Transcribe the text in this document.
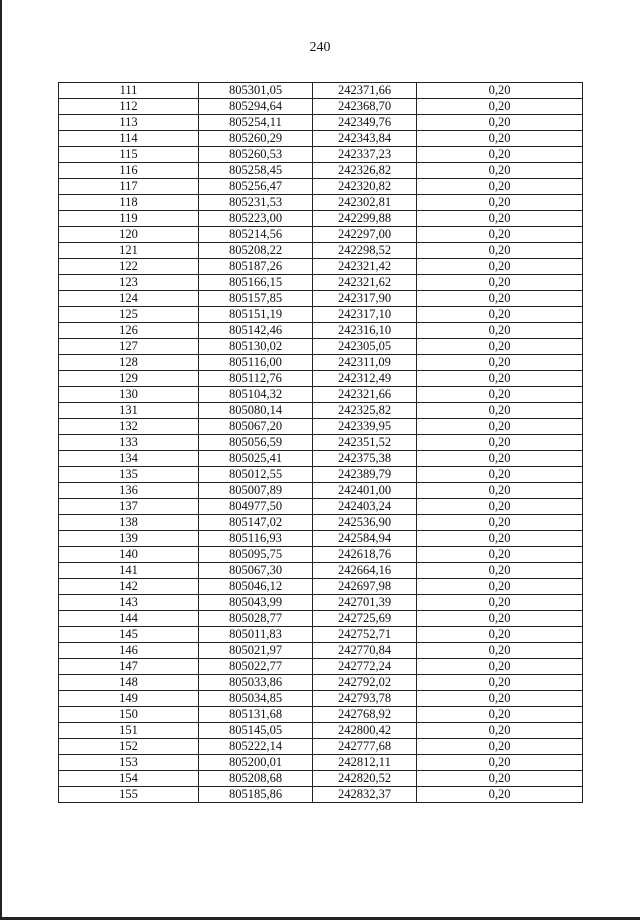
240
111	805301,05	242371,66	0,20
112	805294,64	242368,70	0,20
113	805254,11	242349,76	0,20
114	805260,29	242343,84	0,20
115	805260,53	242337,23	0,20
116	805258,45	242326,82	0,20
117	805256,47	242320,82	0,20
118	805231,53	242302,81	0,20
119	805223,00	242299,88	0,20
120	805214,56	242297,00	0,20
121	805208,22	242298,52	0,20
122	805187,26	242321,42	0,20
123	805166,15	242321,62	0,20
124	805157,85	242317,90	0,20
125	805151,19	242317,10	0,20
126	805142,46	242316,10	0,20
127	805130,02	242305,05	0,20
128	805116,00	242311,09	0,20
129	805112,76	242312,49	0,20
130	805104,32	242321,66	0,20
131	805080,14	242325,82	0,20
132	805067,20	242339,95	0,20
133	805056,59	242351,52	0,20
134	805025,41	242375,38	0,20
135	805012,55	242389,79	0,20
136	805007,89	242401,00	0,20
137	804977,50	242403,24	0,20
138	805147,02	242536,90	0,20
139	805116,93	242584,94	0,20
140	805095,75	242618,76	0,20
141	805067,30	242664,16	0,20
142	805046,12	242697,98	0,20
143	805043,99	242701,39	0,20
144	805028,77	242725,69	0,20
145	805011,83	242752,71	0,20
146	805021,97	242770,84	0,20
147	805022,77	242772,24	0,20
148	805033,86	242792,02	0,20
149	805034,85	242793,78	0,20
150	805131,68	242768,92	0,20
151	805145,05	242800,42	0,20
152	805222,14	242777,68	0,20
153	805200,01	242812,11	0,20
154	805208,68	242820,52	0,20
155	805185,86	242832,37	0,20
